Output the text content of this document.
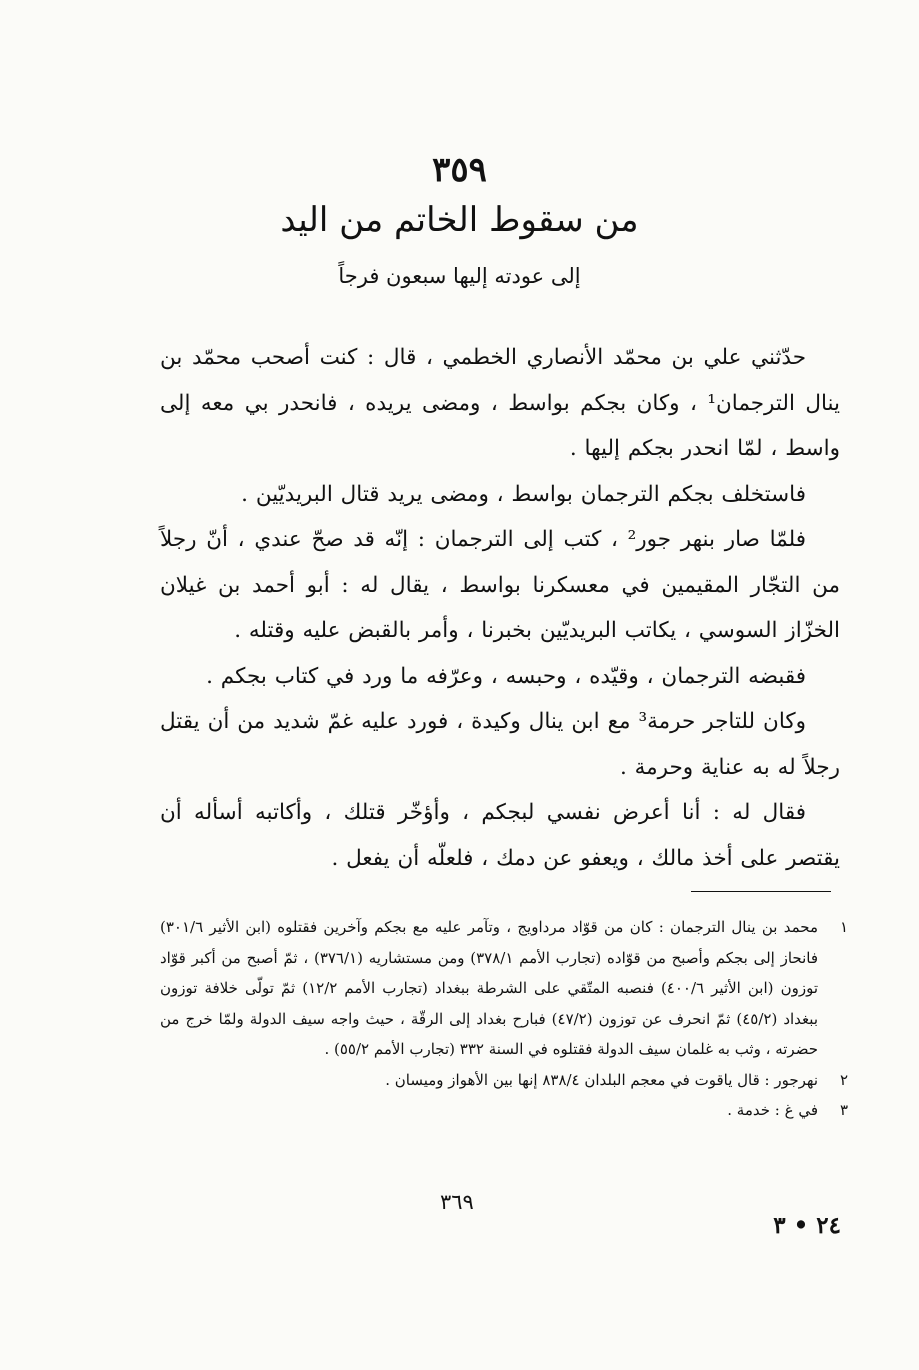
٣٥٩
من سقوط الخاتم من اليد
إلى عودته إليها سبعون فرجاً

حدّثني علي بن محمّد الأنصاري الخطمي ، قال : كنت أصحب محمّد بن ينال الترجمان¹ ، وكان بجكم بواسط ، ومضى يريده ، فانحدر بي معه إلى واسط ، لمّا انحدر بجكم إليها .

فاستخلف بجكم الترجمان بواسط ، ومضى يريد قتال البريديّين .

فلمّا صار بنهر جور² ، كتب إلى الترجمان : إنّه قد صحّ عندي ، أنّ رجلاً من التجّار المقيمين في معسكرنا بواسط ، يقال له : أبو أحمد بن غيلان الخزّاز السوسي ، يكاتب البريديّين بخبرنا ، وأمر بالقبض عليه وقتله .

فقبضه الترجمان ، وقيّده ، وحبسه ، وعرّفه ما ورد في كتاب بجكم .

وكان للتاجر حرمة³ مع ابن ينال وكيدة ، فورد عليه غمّ شديد من أن يقتل رجلاً له به عناية وحرمة .

فقال له : أنا أعرض نفسي لبجكم ، وأؤخّر قتلك ، وأكاتبه أسأله أن يقتصر على أخذ مالك ، ويعفو عن دمك ، فلعلّه أن يفعل .

١
محمد بن ينال الترجمان : كان من قوّاد مرداويج ، وتآمر عليه مع بجكم وآخرين فقتلوه (ابن الأثير ٣٠١/٦) فانحاز إلى بجكم وأصبح من قوّاده (تجارب الأمم ٣٧٨/١) ومن مستشاريه (٣٧٦/١) ، ثمّ أصبح من أكبر قوّاد توزون (ابن الأثير ٤٠٠/٦) فنصبه المتّقي على الشرطة ببغداد (تجارب الأمم ١٢/٢) ثمّ تولّى خلافة توزون ببغداد (٤٥/٢) ثمّ انحرف عن توزون (٤٧/٢) فبارح بغداد إلى الرقّة ، حيث واجه سيف الدولة ولمّا خرج من حضرته ، وثب به غلمان سيف الدولة فقتلوه في السنة ٣٣٢ (تجارب الأمم ٥٥/٢) .
٢
نهرجور : قال ياقوت في معجم البلدان ٨٣٨/٤ إنها بين الأهواز وميسان .
٣
في غ : خدمة .
٣٦٩
٢٤ • ٣
